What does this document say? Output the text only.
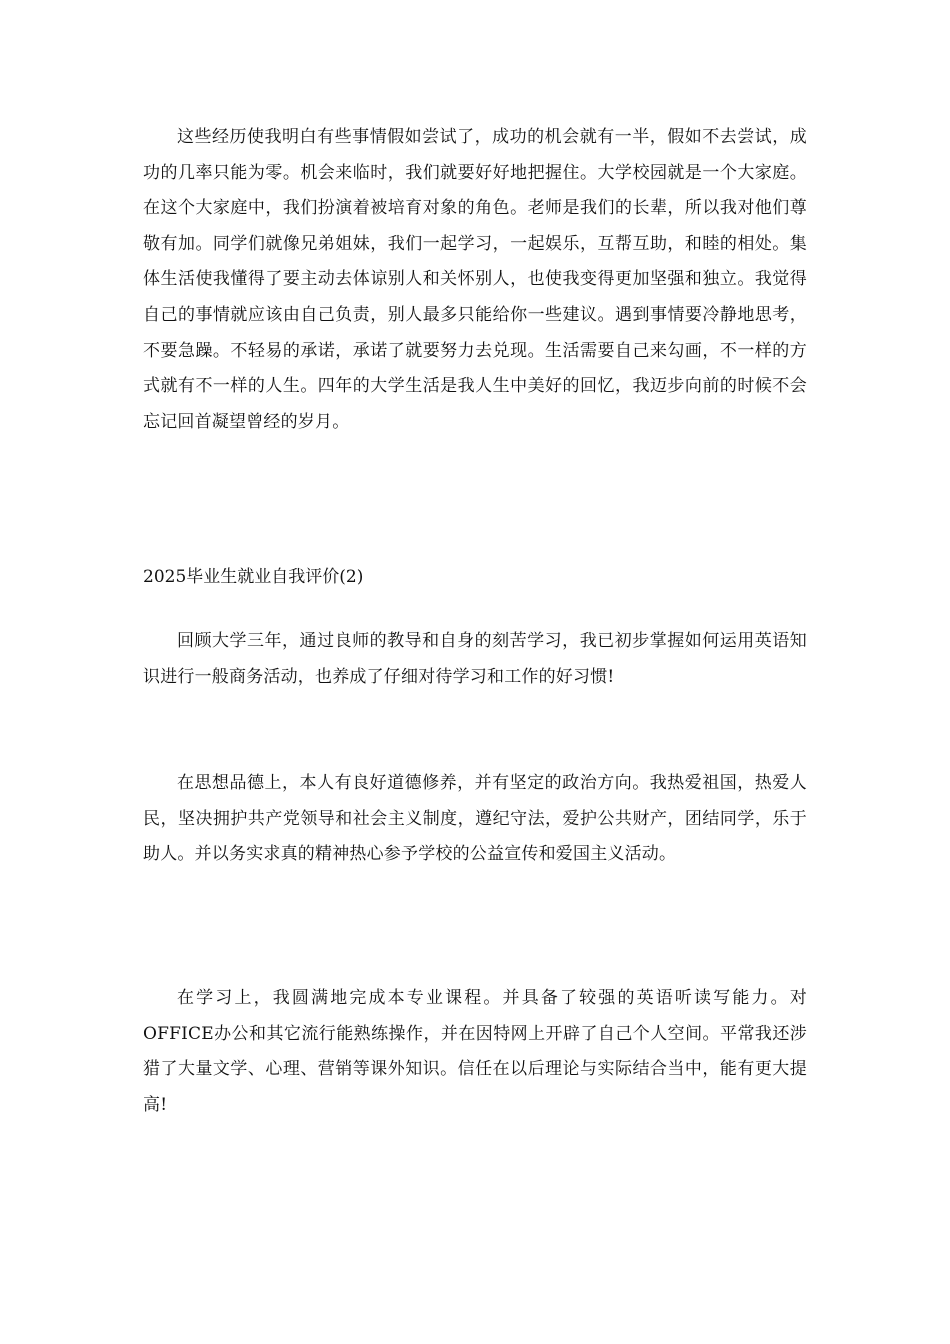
这些经历使我明白有些事情假如尝试了，成功的机会就有一半，假如不去尝试，成功的几率只能为零。机会来临时，我们就要好好地把握住。大学校园就是一个大家庭。在这个大家庭中，我们扮演着被培育对象的角色。老师是我们的长辈，所以我对他们尊敬有加。同学们就像兄弟姐妹，我们一起学习，一起娱乐，互帮互助，和睦的相处。集体生活使我懂得了要主动去体谅别人和关怀别人，也使我变得更加坚强和独立。我觉得自己的事情就应该由自己负责，别人最多只能给你一些建议。遇到事情要冷静地思考，不要急躁。不轻易的承诺，承诺了就要努力去兑现。生活需要自己来勾画，不一样的方式就有不一样的人生。四年的大学生活是我人生中美好的回忆，我迈步向前的时候不会忘记回首凝望曾经的岁月。

2025毕业生就业自我评价(2)

回顾大学三年，通过良师的教导和自身的刻苦学习，我已初步掌握如何运用英语知识进行一般商务活动，也养成了仔细对待学习和工作的好习惯!

在思想品德上，本人有良好道德修养，并有坚定的政治方向。我热爱祖国，热爱人民，坚决拥护共产党领导和社会主义制度，遵纪守法，爱护公共财产，团结同学，乐于助人。并以务实求真的精神热心参予学校的公益宣传和爱国主义活动。

在学习上，我圆满地完成本专业课程。并具备了较强的英语听读写能力。对OFFICE办公和其它流行能熟练操作，并在因特网上开辟了自己个人空间。平常我还涉猎了大量文学、心理、营销等课外知识。信任在以后理论与实际结合当中，能有更大提高!
